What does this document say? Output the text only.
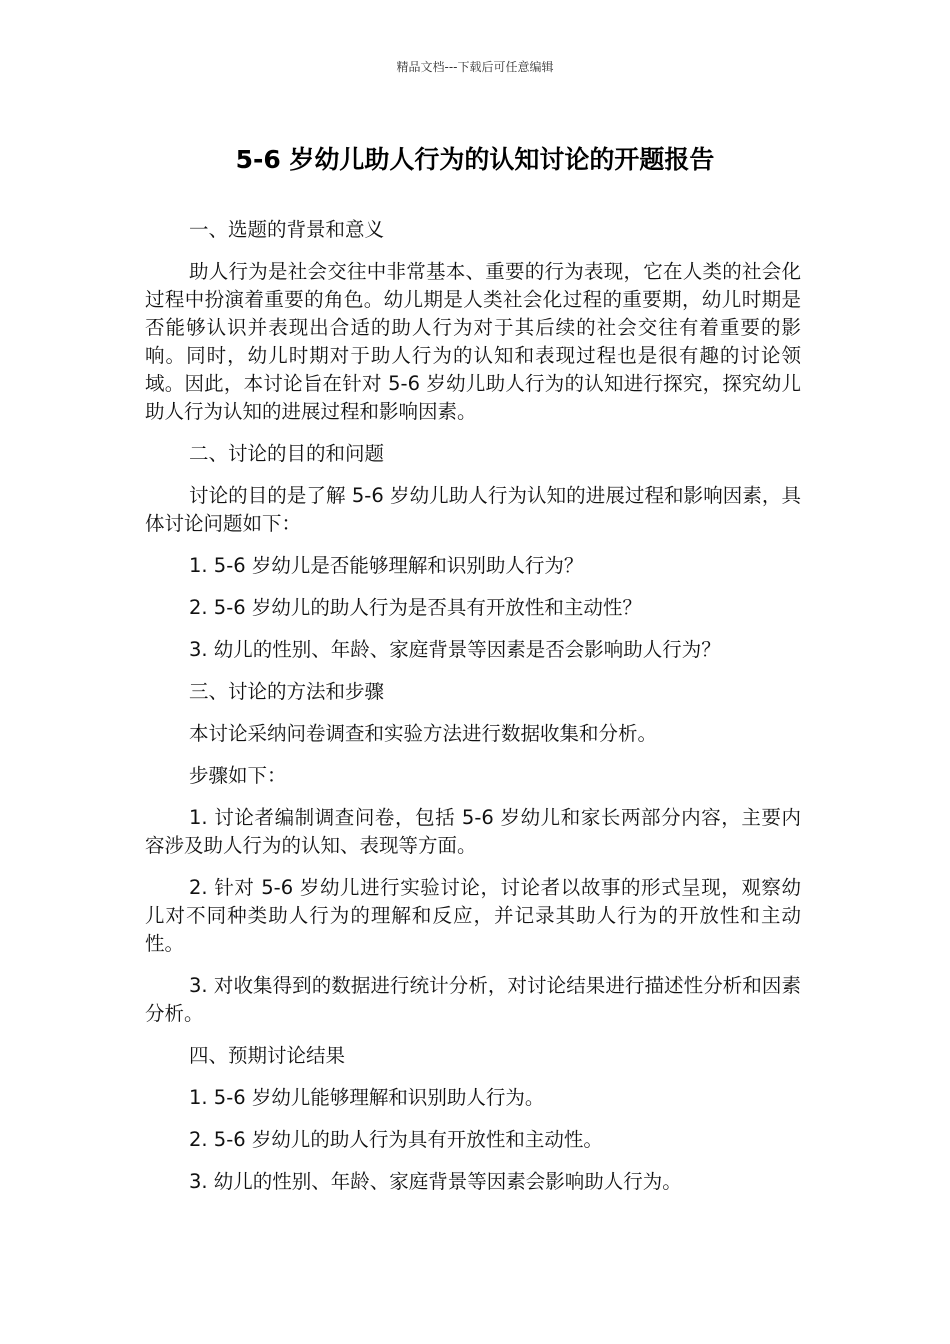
精品文档---下载后可任意编辑
5-6 岁幼儿助人行为的认知讨论的开题报告

一、选题的背景和意义

助人行为是社会交往中非常基本、重要的行为表现，它在人类的社会化过程中扮演着重要的角色。幼儿期是人类社会化过程的重要期，幼儿时期是否能够认识并表现出合适的助人行为对于其后续的社会交往有着重要的影响。同时，幼儿时期对于助人行为的认知和表现过程也是很有趣的讨论领域。因此，本讨论旨在针对 5-6 岁幼儿助人行为的认知进行探究，探究幼儿助人行为认知的进展过程和影响因素。

二、讨论的目的和问题

讨论的目的是了解 5-6 岁幼儿助人行为认知的进展过程和影响因素，具体讨论问题如下：

1. 5-6 岁幼儿是否能够理解和识别助人行为？

2. 5-6 岁幼儿的助人行为是否具有开放性和主动性？

3. 幼儿的性别、年龄、家庭背景等因素是否会影响助人行为？

三、讨论的方法和步骤

本讨论采纳问卷调查和实验方法进行数据收集和分析。

步骤如下：

1. 讨论者编制调查问卷，包括 5-6 岁幼儿和家长两部分内容，主要内容涉及助人行为的认知、表现等方面。

2. 针对 5-6 岁幼儿进行实验讨论，讨论者以故事的形式呈现，观察幼儿对不同种类助人行为的理解和反应，并记录其助人行为的开放性和主动性。

3. 对收集得到的数据进行统计分析，对讨论结果进行描述性分析和因素分析。

四、预期讨论结果

1. 5-6 岁幼儿能够理解和识别助人行为。

2. 5-6 岁幼儿的助人行为具有开放性和主动性。

3. 幼儿的性别、年龄、家庭背景等因素会影响助人行为。
